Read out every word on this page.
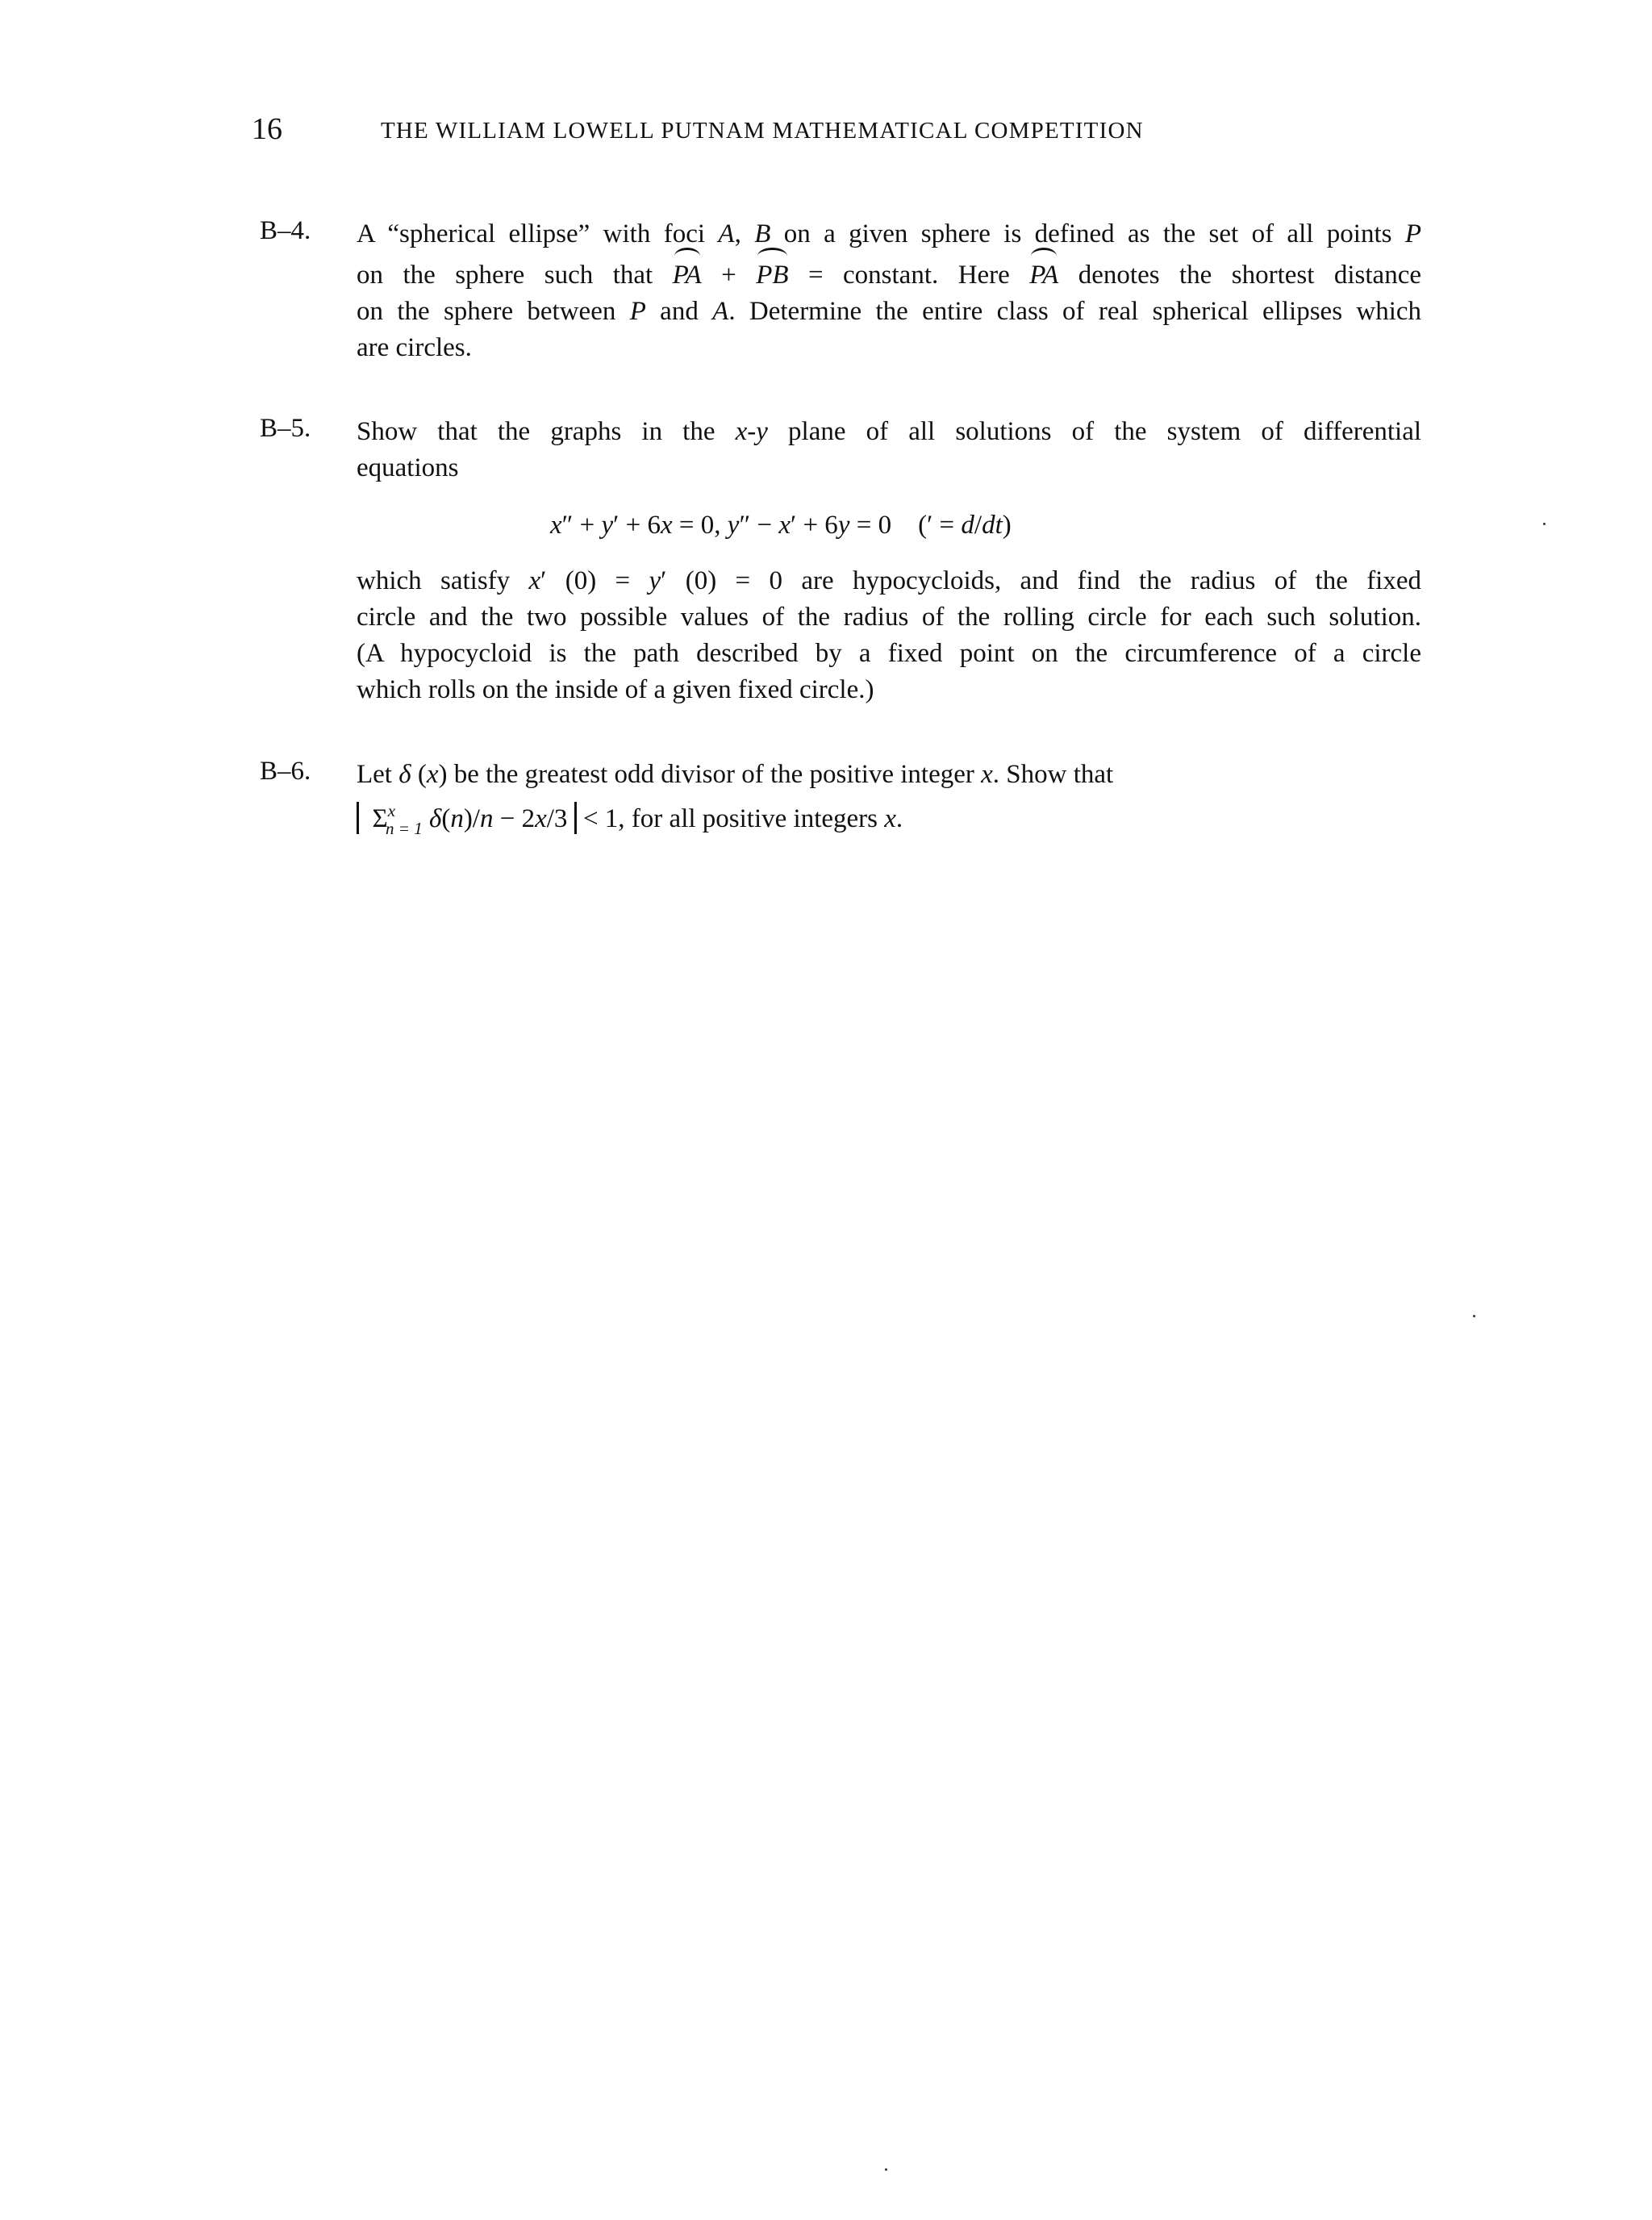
16	THE WILLIAM LOWELL PUTNAM MATHEMATICAL COMPETITION
B–4. A “spherical ellipse” with foci A, B on a given sphere is defined as the set of all points P
on the sphere such that PA + PB = constant. Here PA denotes the shortest distance
on the sphere between P and A. Determine the entire class of real spherical ellipses which
are circles.
B–5. Show that the graphs in the x-y plane of all solutions of the system of differential
equations
x″ + y′ + 6x = 0, y″ − x′ + 6y = 0    (′ = d/dt)
which satisfy x′ (0) = y′ (0) = 0 are hypocycloids, and find the radius of the fixed
circle and the two possible values of the radius of the rolling circle for each such solution.
(A hypocycloid is the path described by a fixed point on the circumference of a circle
which rolls on the inside of a given fixed circle.)
B–6. Let δ (x) be the greatest odd divisor of the positive integer x. Show that
$\Sigma^x_{n = 1}$ δ(n)/n − 2x/3  < 1, for all positive integers x.
